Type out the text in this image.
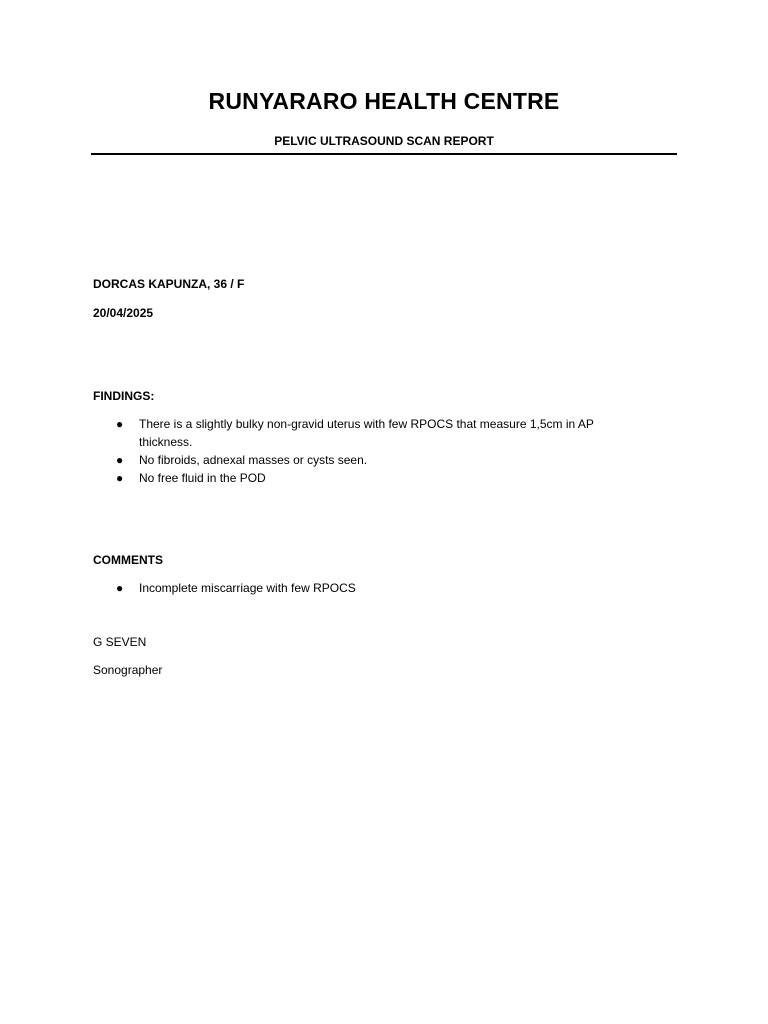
RUNYARARO HEALTH CENTRE
PELVIC ULTRASOUND SCAN REPORT
DORCAS KAPUNZA, 36 / F
20/04/2025
FINDINGS:
● There is a slightly bulky non-gravid uterus with few RPOCS that measure 1,5cm in AP thickness.
● No fibroids, adnexal masses or cysts seen.
● No free fluid in the POD
COMMENTS
● Incomplete miscarriage with few RPOCS
G SEVEN
Sonographer
